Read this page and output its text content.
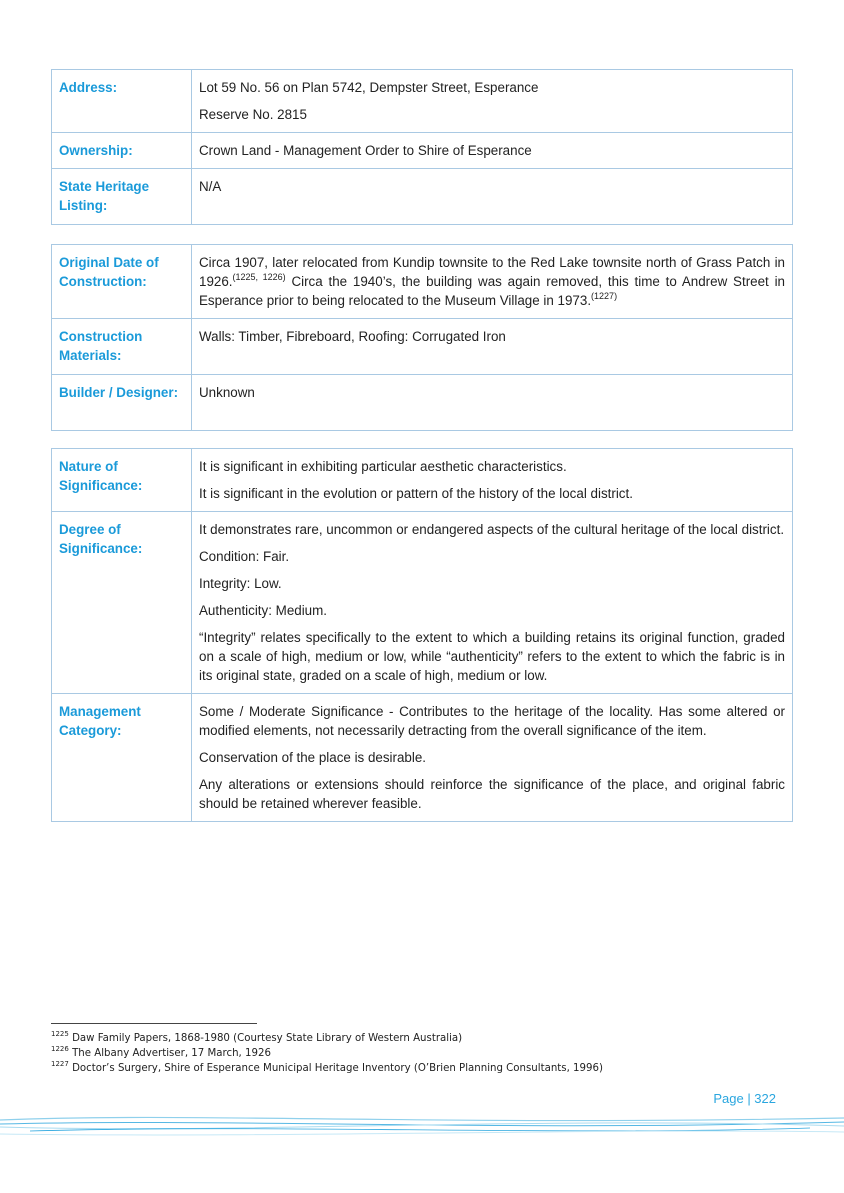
Address:	Lot 59 No. 56 on Plan 5742, Dempster Street, Esperance

Reserve No. 2815

Ownership:	Crown Land - Management Order to Shire of Esperance
State Heritage Listing:	N/A
Original Date of Construction:	Circa 1907, later relocated from Kundip townsite to the Red Lake townsite north of Grass Patch in 1926.$^{(1225, 1226)}$ Circa the 1940’s, the building was again removed, this time to Andrew Street in Esperance prior to being relocated to the Museum Village in 1973.$^{(1227)}$

Construction Materials:	Walls: Timber, Fibreboard, Roofing: Corrugated Iron
Builder / Designer:	Unknown
Nature of Significance:	It is significant in exhibiting particular aesthetic characteristics.

It is significant in the evolution or pattern of the history of the local district.

Degree of Significance:	It demonstrates rare, uncommon or endangered aspects of the cultural heritage of the local district.

Condition: Fair.

Integrity: Low.

Authenticity: Medium.

“Integrity” relates specifically to the extent to which a building retains its original function, graded on a scale of high, medium or low, while “authenticity” refers to the extent to which the fabric is in its original state, graded on a scale of high, medium or low.

Management Category:	Some / Moderate Significance - Contributes to the heritage of the locality. Has some altered or modified elements, not necessarily detracting from the overall significance of the item.

Conservation of the place is desirable.

Any alterations or extensions should reinforce the significance of the place, and original fabric should be retained wherever feasible.

$^{1225}$ Daw Family Papers, 1868-1980 (Courtesy State Library of Western Australia)
$^{1226}$ The Albany Advertiser, 17 March, 1926
$^{1227}$ Doctor’s Surgery, Shire of Esperance Municipal Heritage Inventory (O’Brien Planning Consultants, 1996)
Page | 322
